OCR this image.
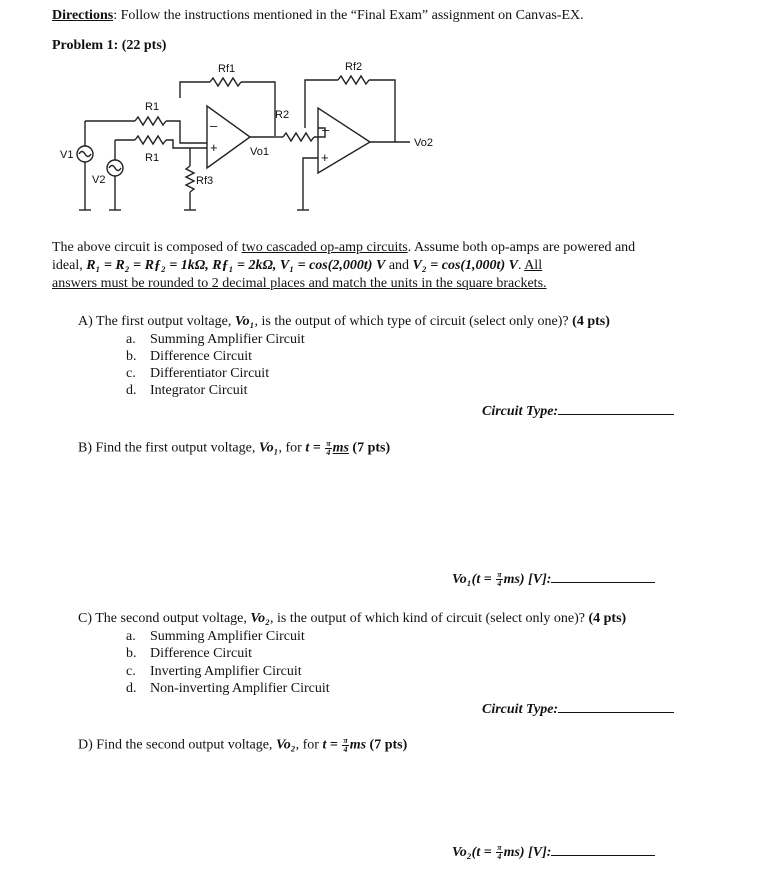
Directions: Follow the instructions mentioned in the “Final Exam” assignment on Canvas-EX.
Problem 1: (22 pts)
Rf1	Rf2
R1
R1
R2
V1
V2	Rf3
Vo1
Vo2
–
+
–
+
The above circuit is composed of two cascaded op-amp circuits. Assume both op-amps are powered and
ideal, R₁ = R₂ = Rƒ₂ = 1kΩ, Rƒ₁ = 2kΩ, V₁ = cos(2,000t) V and V₂ = cos(1,000t) V. All
answers must be rounded to 2 decimal places and match the units in the square brackets.
A) The first output voltage, Vo₁, is the output of which type of circuit (select only one)? (4 pts)
a. Summing Amplifier Circuit
b. Difference Circuit
c. Differentiator Circuit
d. Integrator Circuit
Circuit Type:
B) Find the first output voltage, Vo₁, for $t = \frac{\pi}{4}$ ms (7 pts)
$Vo_1(t = \frac{\pi}{4} ms)$ [V]:
C) The second output voltage, Vo₂, is the output of which kind of circuit (select only one)? (4 pts)
a. Summing Amplifier Circuit
b. Difference Circuit
c. Inverting Amplifier Circuit
d. Non-inverting Amplifier Circuit
Circuit Type:
D) Find the second output voltage, Vo₂, for $t = \frac{\pi}{4}$ ms (7 pts)
$Vo_2(t = \frac{\pi}{4} ms)$ [V]:
